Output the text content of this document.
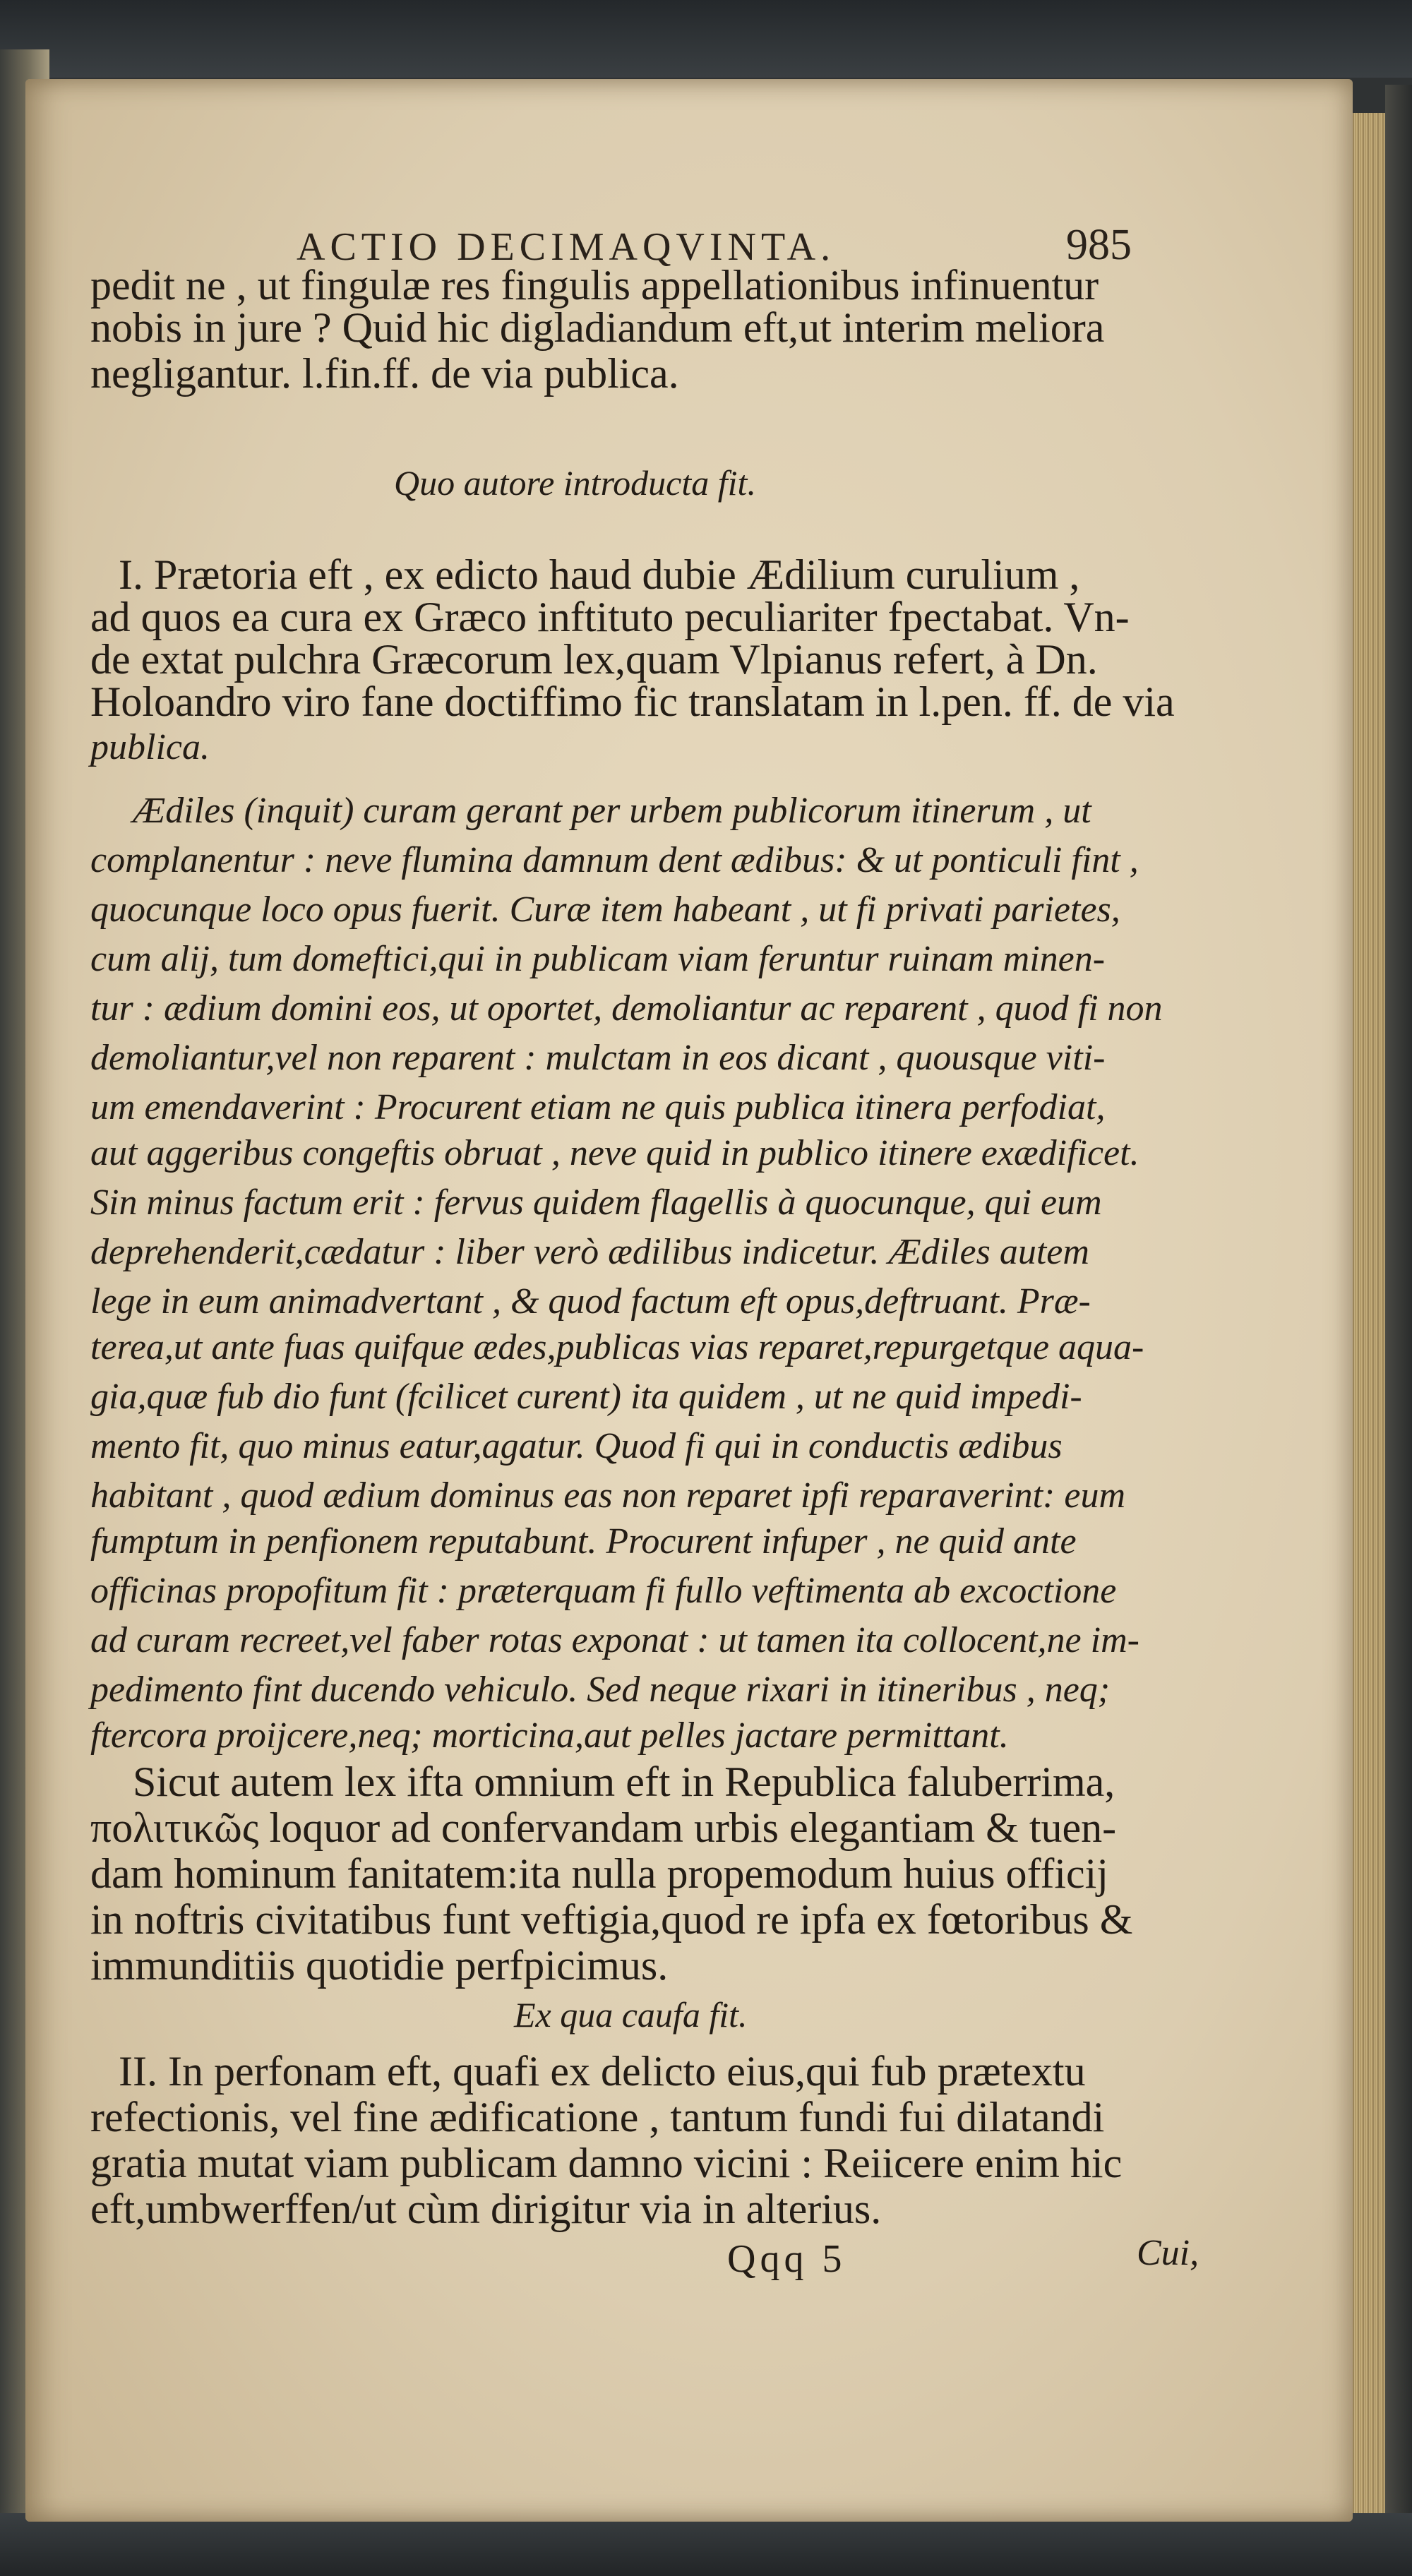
ACTIO DECIMAQVINTA.	985
pedit ne , ut fingulæ res fingulis appellationibus infinuentur
nobis in jure ? Quid hic digladiandum eft,ut interim meliora
negligantur. l.fin.ff. de via publica.
Quo autore introducta fit.
I. Prætoria eft , ex edicto haud dubie Ædilium curulium ,
ad quos ea cura ex Græco inftituto peculiariter fpectabat. Vn-
de extat pulchra Græcorum lex,quam Vlpianus refert, à Dn.
Holoandro viro fane doctiffimo fic translatam in l.pen. ff. de via
publica.
Ædiles (inquit) curam gerant per urbem publicorum itinerum , ut
complanentur : neve flumina damnum dent ædibus: & ut ponticuli fint ,
quocunque loco opus fuerit. Curæ item habeant , ut fi privati parietes,
cum alij, tum domeftici,qui in publicam viam feruntur ruinam minen-
tur : ædium domini eos, ut oportet, demoliantur ac reparent , quod fi non
demoliantur,vel non reparent : mulctam in eos dicant , quousque viti-
um emendaverint : Procurent etiam ne quis publica itinera perfodiat,
aut aggeribus congeftis obruat , neve quid in publico itinere exædificet.
Sin minus factum erit : fervus quidem flagellis à quocunque, qui eum
deprehenderit,cædatur : liber verò ædilibus indicetur. Ædiles autem
lege in eum animadvertant , & quod factum eft opus,deftruant. Præ-
terea,ut ante fuas quifque ædes,publicas vias reparet,repurgetque aqua-
gia,quæ fub dio funt (fcilicet curent) ita quidem , ut ne quid impedi-
mento fit, quo minus eatur,agatur. Quod fi qui in conductis ædibus
habitant , quod ædium dominus eas non reparet ipfi reparaverint: eum
fumptum in penfionem reputabunt. Procurent infuper , ne quid ante
officinas propofitum fit : præterquam fi fullo veftimenta ab excoctione
ad curam recreet,vel faber rotas exponat : ut tamen ita collocent,ne im-
pedimento fint ducendo vehiculo. Sed neque rixari in itineribus , neq;
ftercora proijcere,neq; morticina,aut pelles jactare permittant.
Sicut autem lex ifta omnium eft in Republica faluberrima,
πολιτικῶς loquor ad confervandam urbis elegantiam & tuen-
dam hominum fanitatem:ita nulla propemodum huius officij
in noftris civitatibus funt veftigia,quod re ipfa ex fœtoribus &
immunditiis quotidie perfpicimus.
Ex qua caufa fit.
II. In perfonam eft, quafi ex delicto eius,qui fub prætextu
refectionis, vel fine ædificatione , tantum fundi fui dilatandi
gratia mutat viam publicam damno vicini : Reiicere enim hic
eft,umbwerffen/ut cùm dirigitur via in alterius.
Qqq 5	Cui,
